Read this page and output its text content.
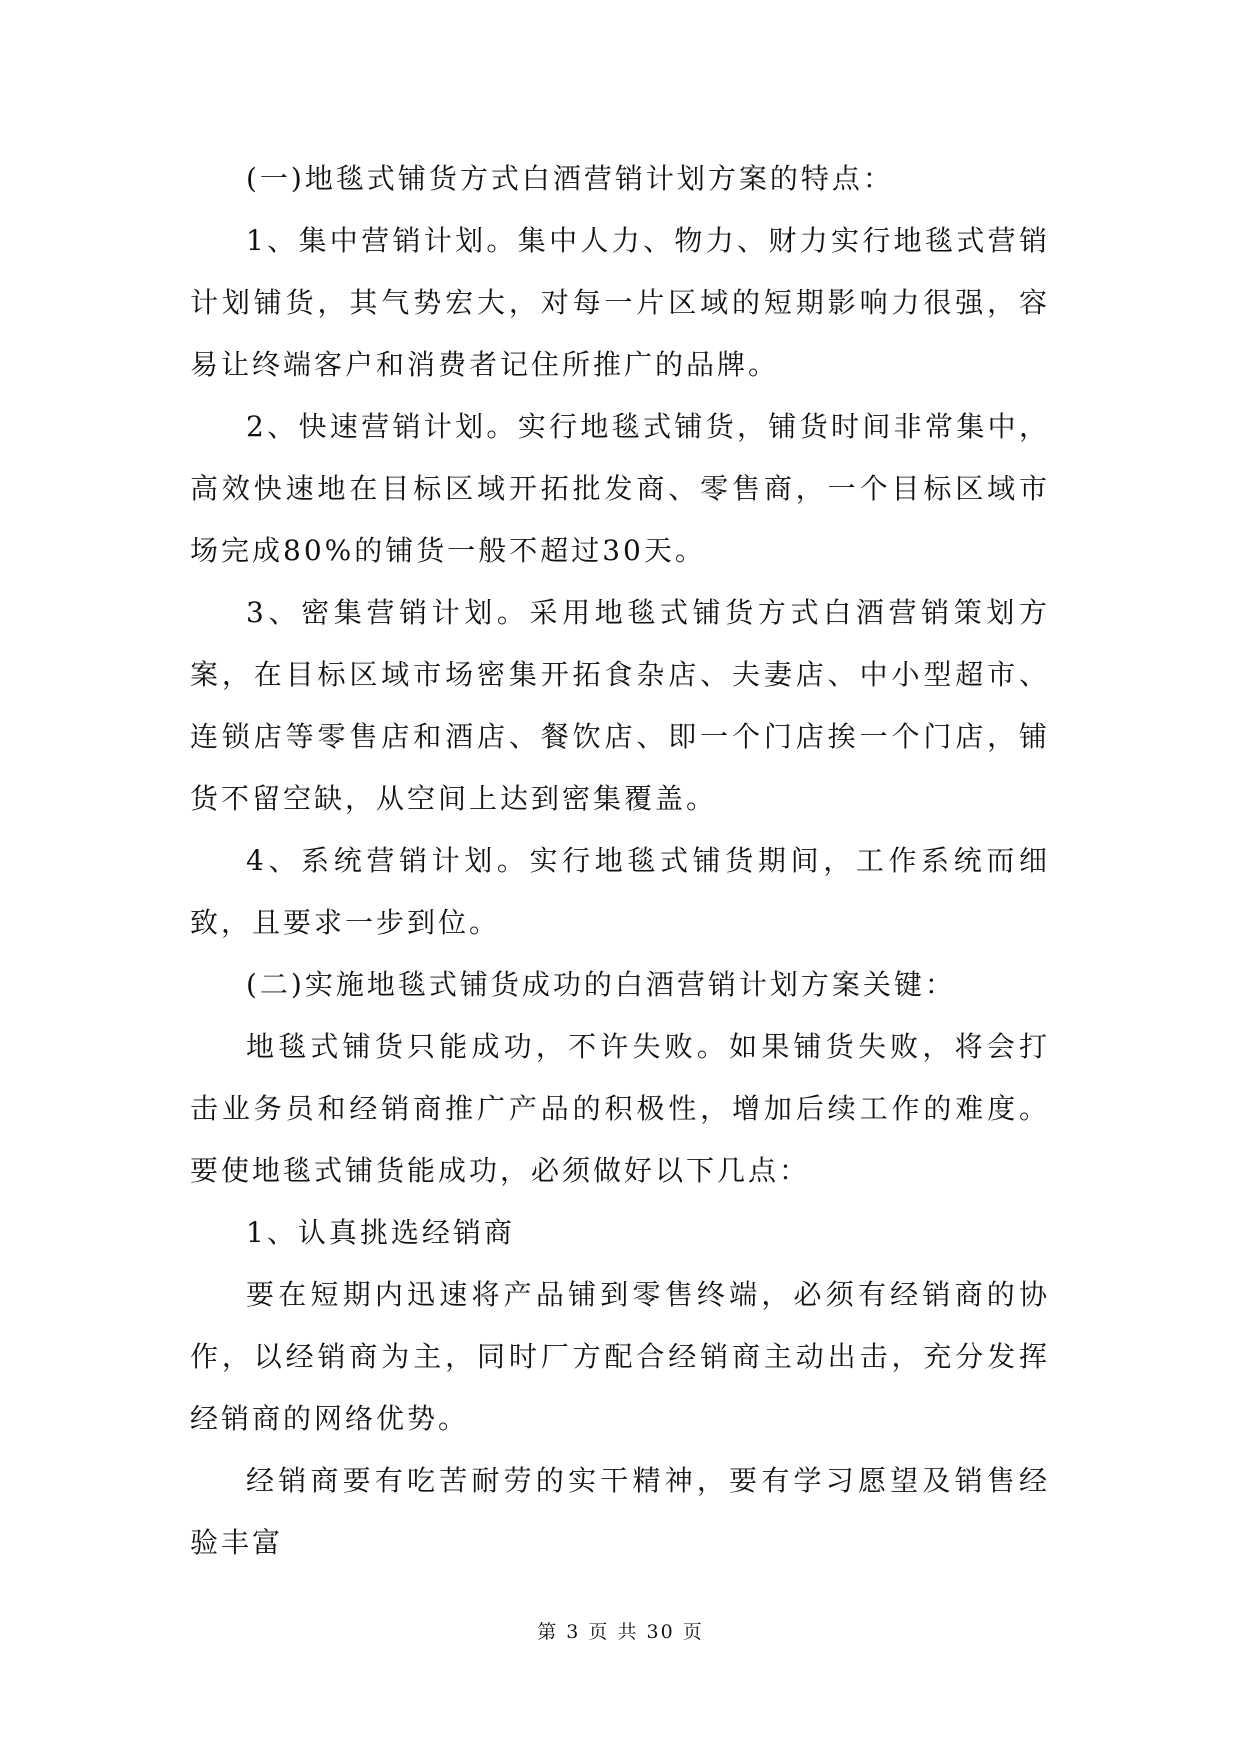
(一)地毯式铺货方式白酒营销计划方案的特点：

1、集中营销计划。集中人力、物力、财力实行地毯式营销计划铺货，其气势宏大，对每一片区域的短期影响力很强，容易让终端客户和消费者记住所推广的品牌。

2、快速营销计划。实行地毯式铺货，铺货时间非常集中，高效快速地在目标区域开拓批发商、零售商，一个目标区域市场完成80%的铺货一般不超过30天。

3、密集营销计划。采用地毯式铺货方式白酒营销策划方案，在目标区域市场密集开拓食杂店、夫妻店、中小型超市、连锁店等零售店和酒店、餐饮店、即一个门店挨一个门店，铺货不留空缺，从空间上达到密集覆盖。

4、系统营销计划。实行地毯式铺货期间，工作系统而细致，且要求一步到位。

(二)实施地毯式铺货成功的白酒营销计划方案关键：

地毯式铺货只能成功，不许失败。如果铺货失败，将会打击业务员和经销商推广产品的积极性，增加后续工作的难度。要使地毯式铺货能成功，必须做好以下几点：

1、认真挑选经销商

要在短期内迅速将产品铺到零售终端，必须有经销商的协作，以经销商为主，同时厂方配合经销商主动出击，充分发挥经销商的网络优势。

经销商要有吃苦耐劳的实干精神，要有学习愿望及销售经验丰富

第 3 页 共 30 页
